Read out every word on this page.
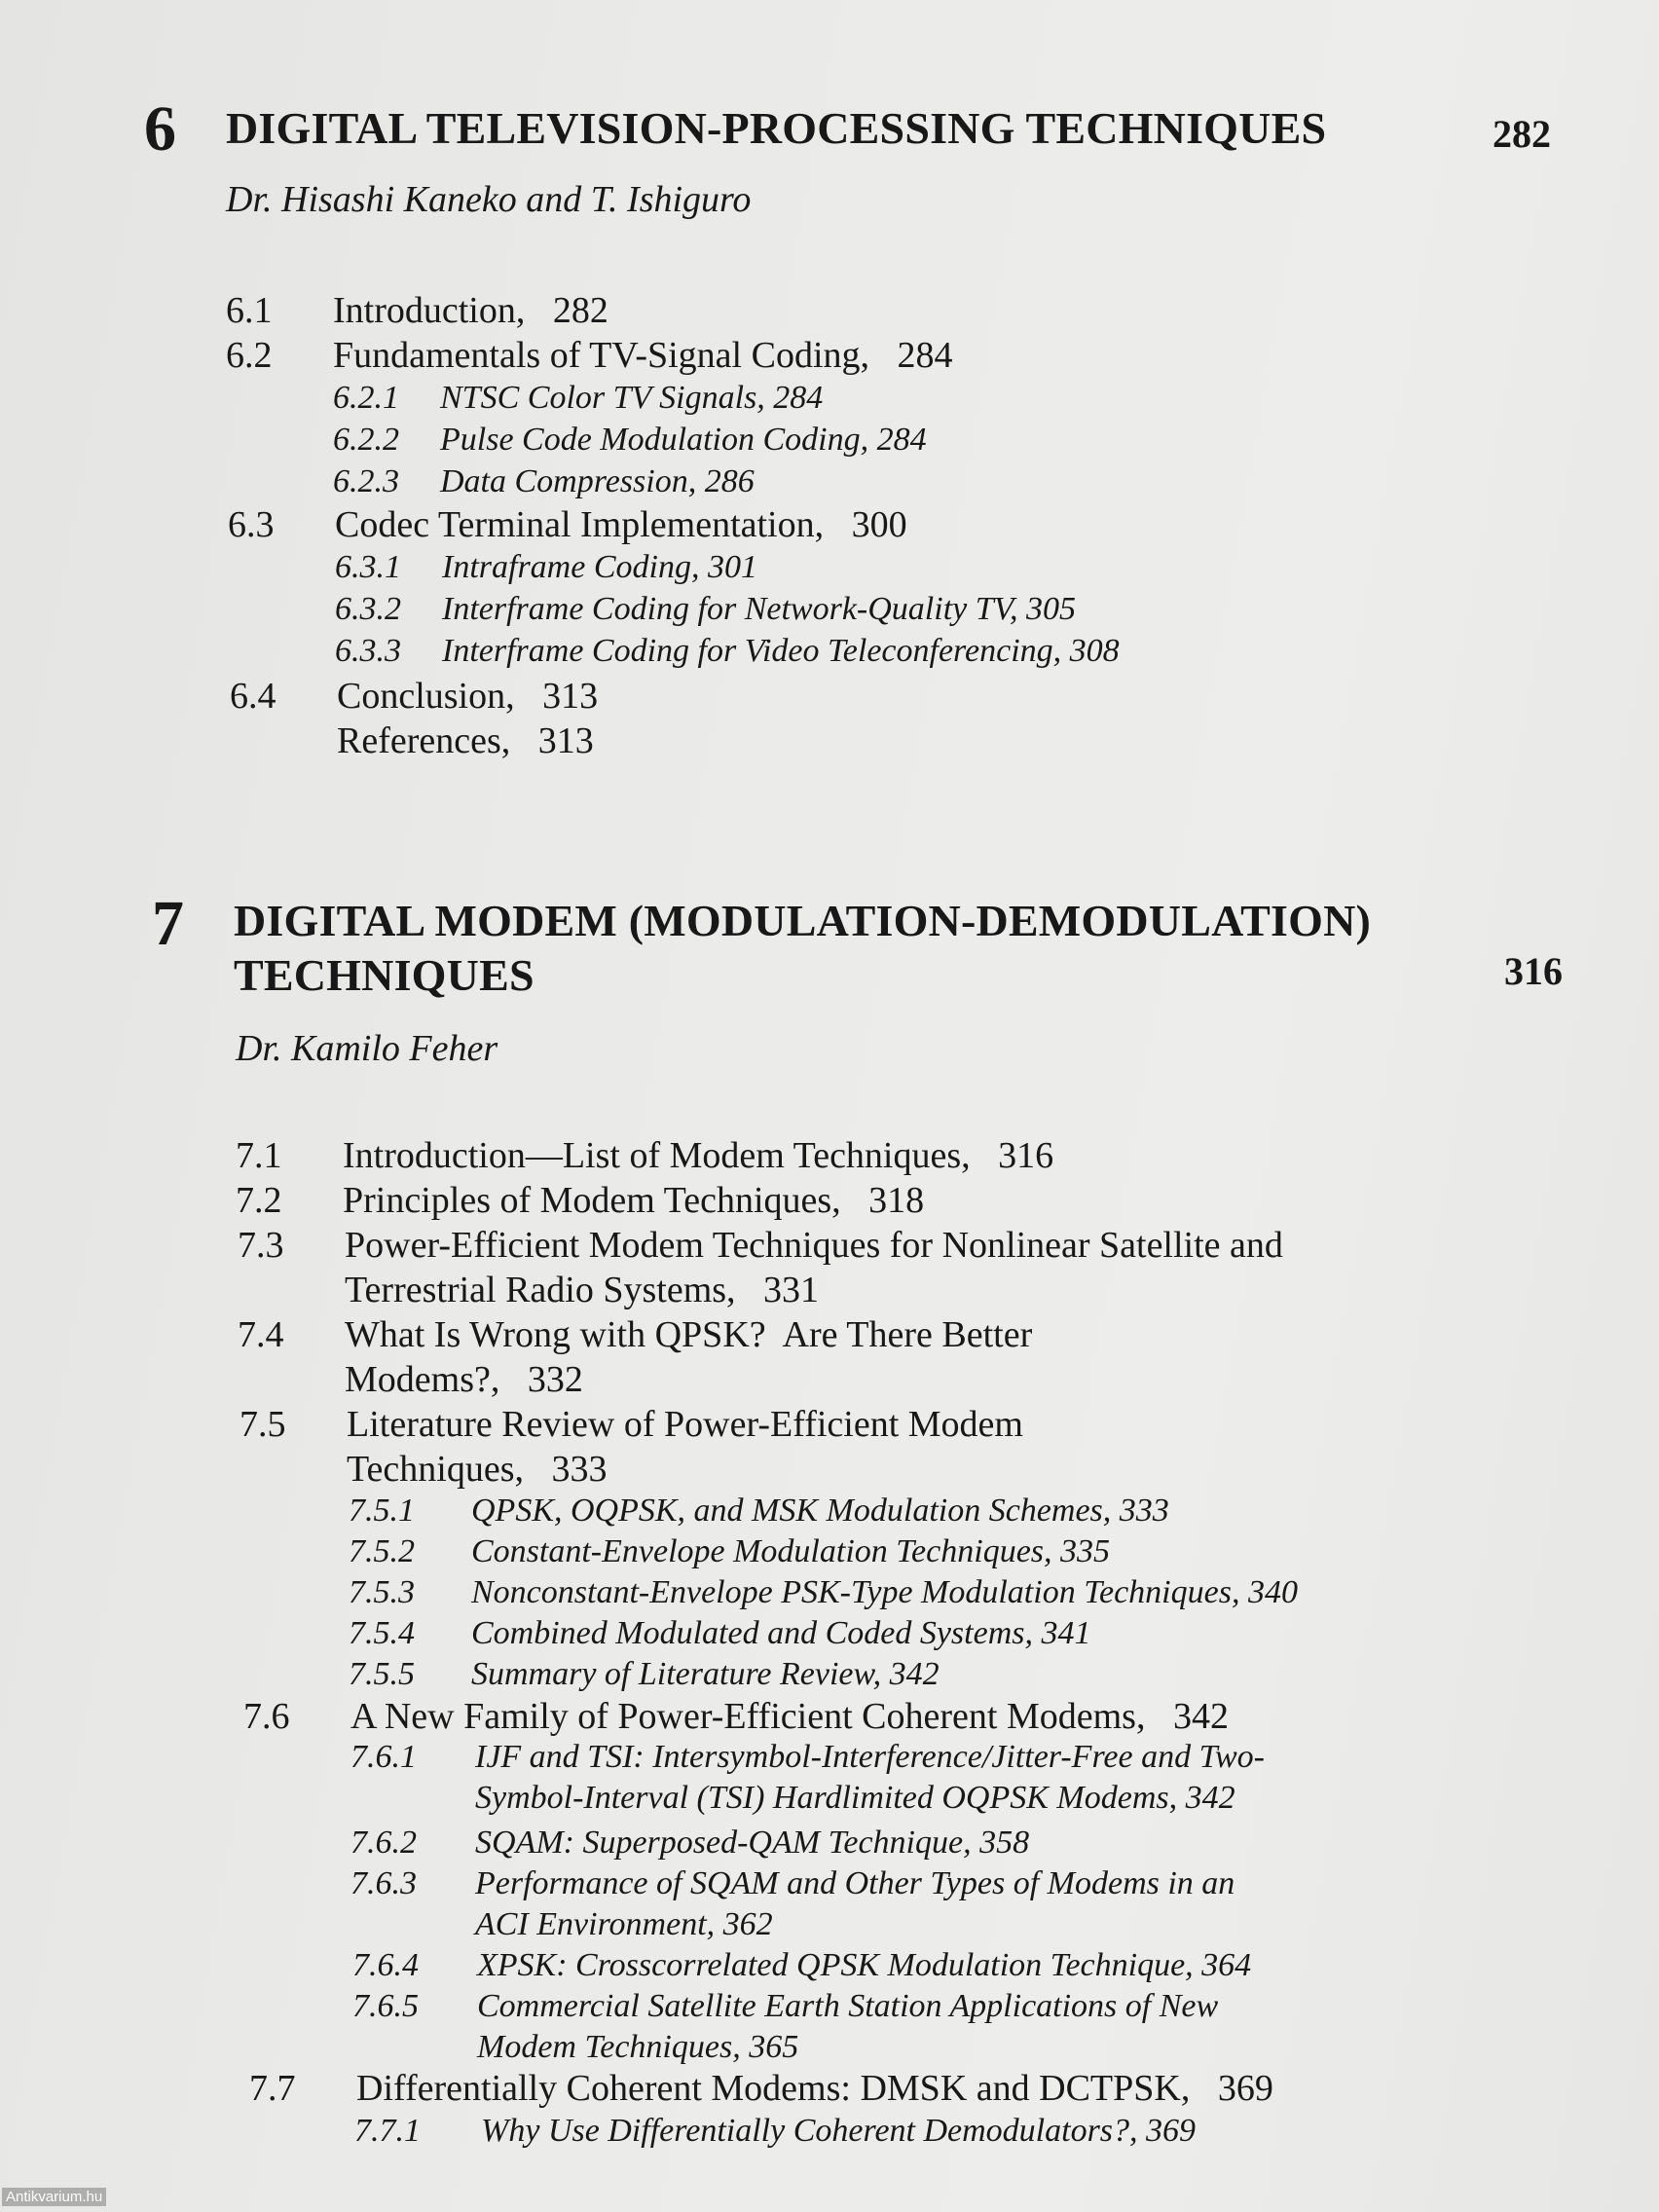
6 DIGITAL TELEVISION-PROCESSING TECHNIQUES	282
Dr. Hisashi Kaneko and T. Ishiguro
7 DIGITAL MODEM (MODULATION-DEMODULATION)
TECHNIQUES	316
Dr. Kamilo Feher
6.1 Introduction,   282
6.2 Fundamentals of TV-Signal Coding,   284
6.2.1 NTSC Color TV Signals, 284
6.2.2 Pulse Code Modulation Coding, 284
6.2.3 Data Compression, 286
6.3 Codec Terminal Implementation,   300
6.3.1 Intraframe Coding, 301
6.3.2 Interframe Coding for Network-Quality TV, 305
6.3.3 Interframe Coding for Video Teleconferencing, 308
6.4 Conclusion,   313
References,   313
7.1 Introduction—List of Modem Techniques,   316
7.2 Principles of Modem Techniques,   318
7.3 Power-Efficient Modem Techniques for Nonlinear Satellite and
Terrestrial Radio Systems,   331
7.4 What Is Wrong with QPSK?  Are There Better
Modems?,   332
7.5 Literature Review of Power-Efficient Modem
Techniques,   333
7.5.1 QPSK, OQPSK, and MSK Modulation Schemes, 333
7.5.2 Constant-Envelope Modulation Techniques, 335
7.5.3 Nonconstant-Envelope PSK-Type Modulation Techniques, 340
7.5.4 Combined Modulated and Coded Systems, 341
7.5.5 Summary of Literature Review, 342
7.6 A New Family of Power-Efficient Coherent Modems,   342
7.6.1 IJF and TSI: Intersymbol-Interference/Jitter-Free and Two-
Symbol-Interval (TSI) Hardlimited OQPSK Modems, 342
7.6.2 SQAM: Superposed-QAM Technique, 358
7.6.3 Performance of SQAM and Other Types of Modems in an
ACI Environment, 362
7.6.4 XPSK: Crosscorrelated QPSK Modulation Technique, 364
7.6.5 Commercial Satellite Earth Station Applications of New
Modem Techniques, 365
7.7 Differentially Coherent Modems: DMSK and DCTPSK,   369
7.7.1 Why Use Differentially Coherent Demodulators?, 369
Antikvarium.hu
